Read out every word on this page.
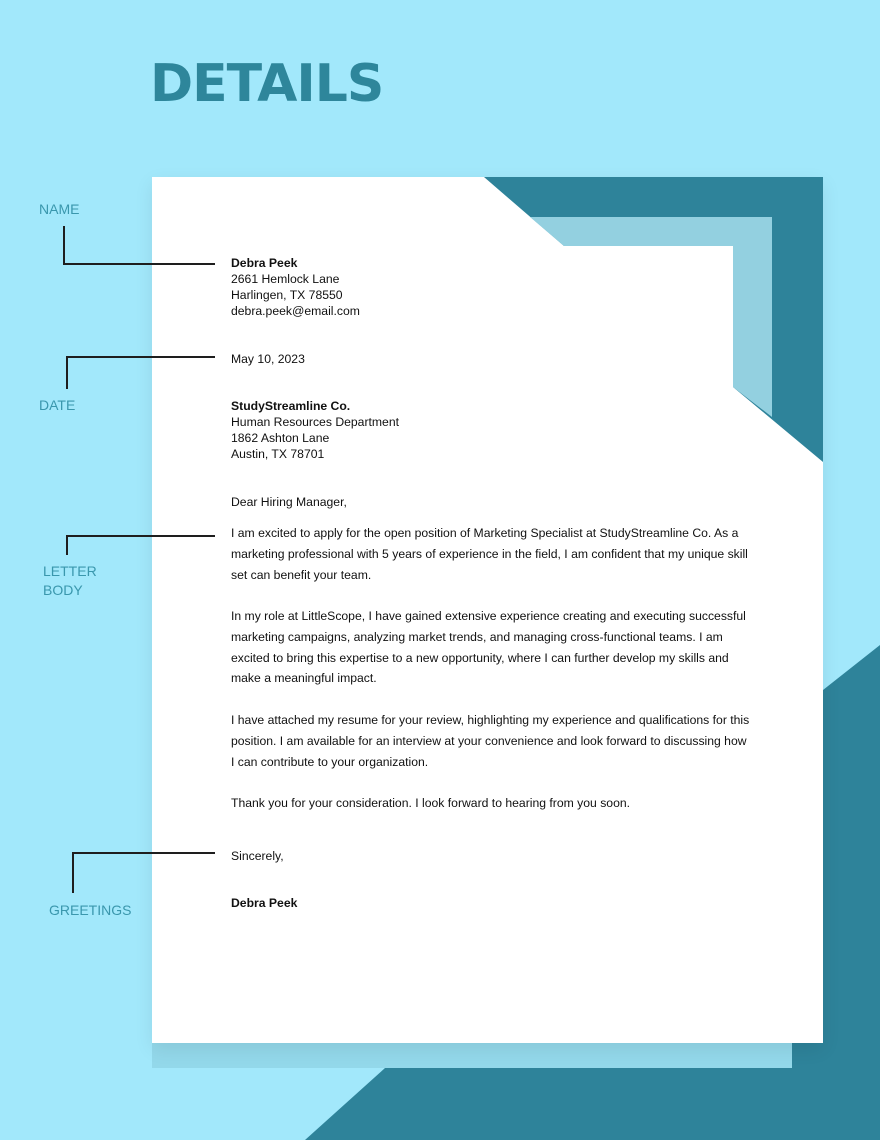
DETAILS
NAME
DATE
LETTER
BODY
GREETINGS
Debra Peek
2661 Hemlock Lane
Harlingen, TX 78550
debra.peek@email.com
May 10, 2023
StudyStreamline Co.
Human Resources Department
1862 Ashton Lane
Austin, TX 78701
Dear Hiring Manager,

I am excited to apply for the open position of Marketing Specialist at StudyStreamline Co. As a marketing professional with 5 years of experience in the field, I am confident that my unique skill set can benefit your team.

In my role at LittleScope, I have gained extensive experience creating and executing successful marketing campaigns, analyzing market trends, and managing cross-functional teams. I am excited to bring this expertise to a new opportunity, where I can further develop my skills and make a meaningful impact.

I have attached my resume for your review, highlighting my experience and qualifications for this position. I am available for an interview at your convenience and look forward to discussing how I can contribute to your organization.

Thank you for your consideration. I look forward to hearing from you soon.

Sincerely,
Debra Peek
